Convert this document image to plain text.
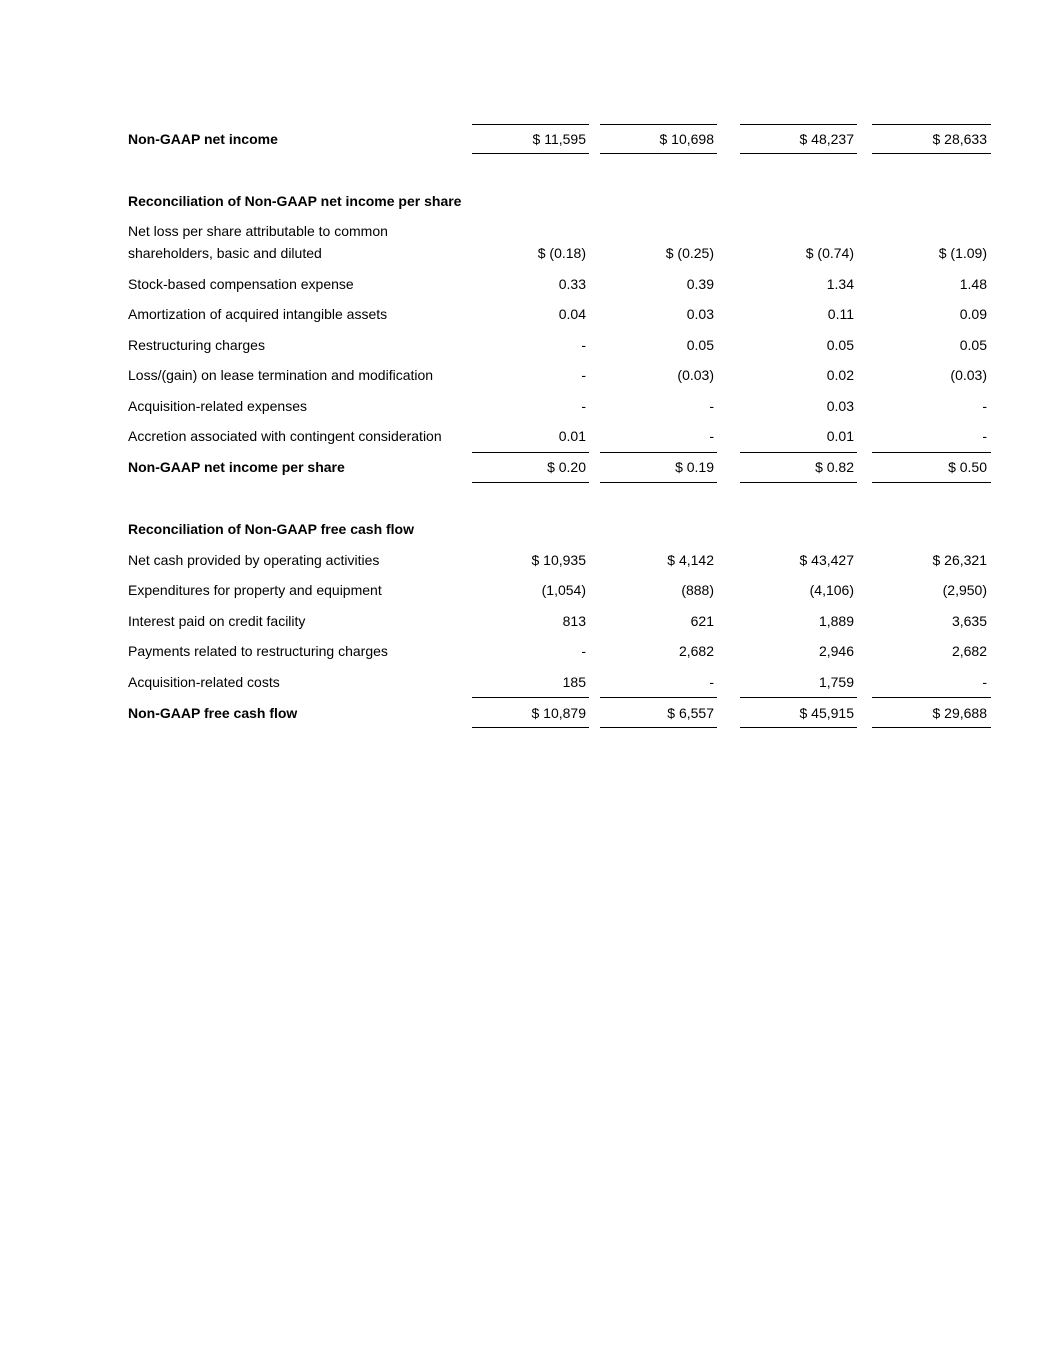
Non-GAAP net income	$ 11,595	$ 10,698	$ 48,237	$ 28,633
Reconciliation of Non-GAAP net income per share
Net loss per share attributable to common
shareholders, basic and diluted	$ (0.18)	$ (0.25)	$ (0.74)	$ (1.09)
Stock-based compensation expense	0.33	0.39	1.34	1.48
Amortization of acquired intangible assets	0.04	0.03	0.11	0.09
Restructuring charges	-	0.05	0.05	0.05
Loss/(gain) on lease termination and modification	-	(0.03)	0.02	(0.03)
Acquisition-related expenses	-	-	0.03	-
Accretion associated with contingent consideration	0.01	-	0.01	-
Non-GAAP net income per share	$ 0.20	$ 0.19	$ 0.82	$ 0.50
Reconciliation of Non-GAAP free cash flow
Net cash provided by operating activities	$ 10,935	$ 4,142	$ 43,427	$ 26,321
Expenditures for property and equipment	(1,054)	(888)	(4,106)	(2,950)
Interest paid on credit facility	813	621	1,889	3,635
Payments related to restructuring charges	-	2,682	2,946	2,682
Acquisition-related costs	185	-	1,759	-
Non-GAAP free cash flow	$ 10,879	$ 6,557	$ 45,915	$ 29,688
